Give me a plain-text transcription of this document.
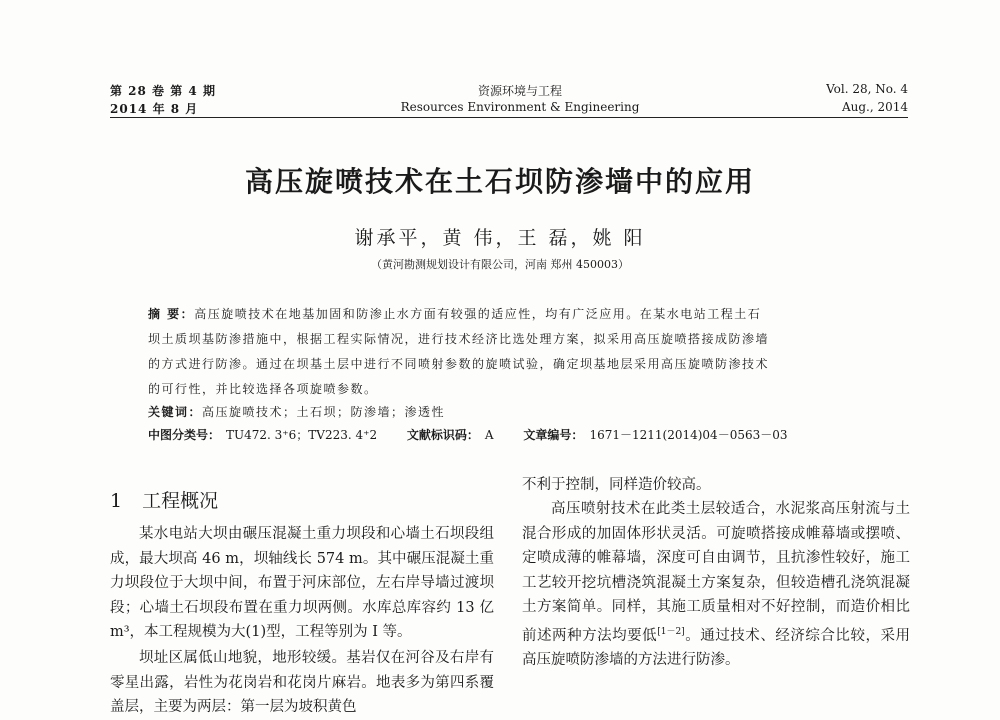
第 28 卷 第 4 期
2014 年 8 月
资源环境与工程
Resources Environment & Engineering
Vol. 28, No. 4
Aug., 2014
高压旋喷技术在土石坝防渗墙中的应用
谢承平，黄 伟，王 磊，姚 阳
（黄河勘测规划设计有限公司，河南 郑州 450003）
摘 要：高压旋喷技术在地基加固和防渗止水方面有较强的适应性，均有广泛应用。在某水电站工程土石
坝土质坝基防渗措施中，根据工程实际情况，进行技术经济比选处理方案，拟采用高压旋喷搭接成防渗墙
的方式进行防渗。通过在坝基土层中进行不同喷射参数的旋喷试验，确定坝基地层采用高压旋喷防渗技术
的可行性，并比较选择各项旋喷参数。
关键词：高压旋喷技术；土石坝；防渗墙；渗透性
中图分类号： TU472. 3⁺6；TV223. 4⁺2 文献标识码： A 文章编号： 1671－1211(2014)04－0563－03
1 工程概况
某水电站大坝由碾压混凝土重力坝段和心墙土石坝段组成，最大坝高 46 m，坝轴线长 574 m。其中碾压混凝土重力坝段位于大坝中间，布置于河床部位，左右岸导墙过渡坝段；心墙土石坝段布置在重力坝两侧。水库总库容约 13 亿 m³，本工程规模为大(1)型，工程等别为 I 等。
坝址区属低山地貌，地形较缓。基岩仅在河谷及右岸有零星出露，岩性为花岗岩和花岗片麻岩。地表多为第四系覆盖层，主要为两层：第一层为坡积黄色
不利于控制，同样造价较高。
高压喷射技术在此类土层较适合，水泥浆高压射流与土混合形成的加固体形状灵活。可旋喷搭接成帷幕墙或摆喷、定喷成薄的帷幕墙，深度可自由调节，且抗渗性较好，施工工艺较开挖坑槽浇筑混凝土方案复杂，但较造槽孔浇筑混凝土方案简单。同样，其施工质量相对不好控制，而造价相比前述两种方法均要低[1－2]。通过技术、经济综合比较，采用高压旋喷防渗墙的方法进行防渗。
